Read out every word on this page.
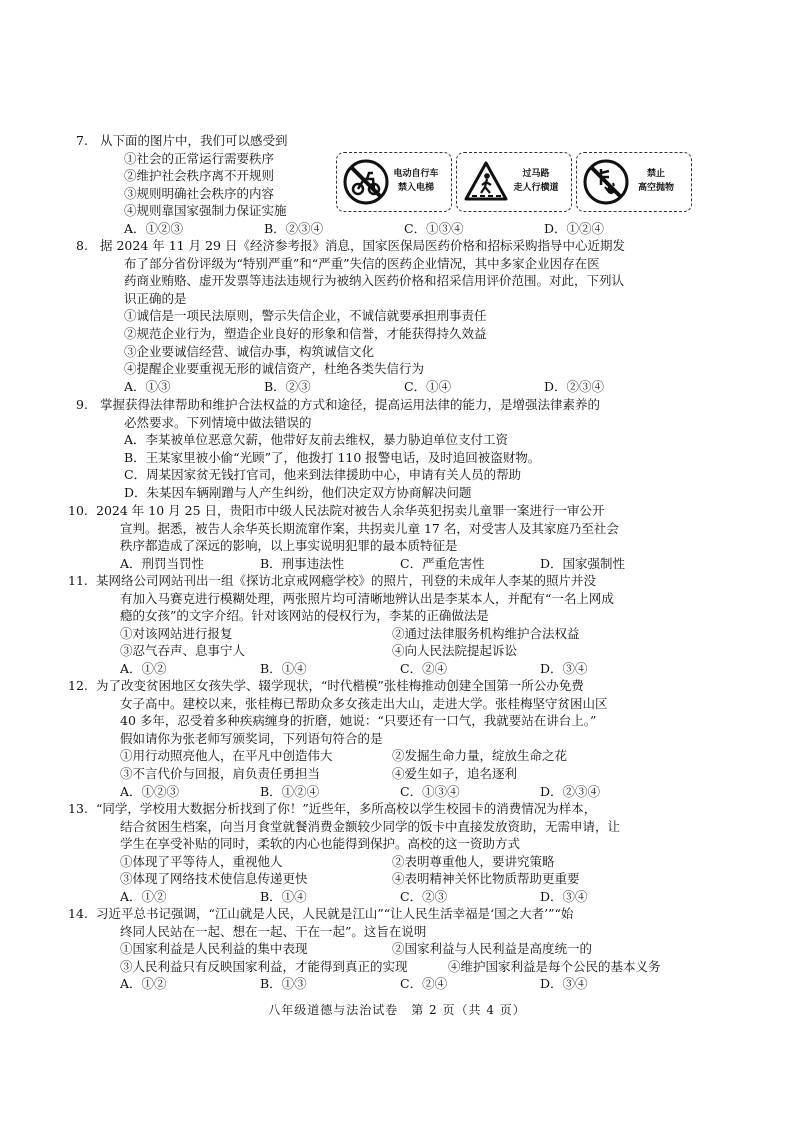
7. 从下面的图片中，我们可以感受到
①社会的正常运行需要秩序
②维护社会秩序离不开规则
③规则明确社会秩序的内容
④规则靠国家强制力保证实施
A．①②③	B．②③④	C．①③④	D．①②④
电动自行车
禁入电梯
过马路
走人行横道
禁止
高空抛物
8. 据 2024 年 11 月 29 日《经济参考报》消息，国家医保局医药价格和招标采购指导中心近期发
布了部分省份评级为“特别严重”和“严重”失信的医药企业情况，其中多家企业因存在医
药商业贿赂、虚开发票等违法违规行为被纳入医药价格和招采信用评价范围。对此，下列认
识正确的是
①诚信是一项民法原则，警示失信企业，不诚信就要承担刑事责任
②规范企业行为，塑造企业良好的形象和信誉，才能获得持久效益
③企业要诚信经营、诚信办事，构筑诚信文化
④提醒企业要重视无形的诚信资产，杜绝各类失信行为
A．①③	B．②③	C．①④	D．②③④
9. 掌握获得法律帮助和维护合法权益的方式和途径，提高运用法律的能力，是增强法律素养的
必然要求。下列情境中做法错误的
A．李某被单位恶意欠薪，他带好友前去维权，暴力胁迫单位支付工资
B．王某家里被小偷“光顾”了，他拨打 110 报警电话，及时追回被盗财物。
C．周某因家贫无钱打官司，他来到法律援助中心，申请有关人员的帮助
D．朱某因车辆剐蹭与人产生纠纷，他们决定双方协商解决问题
10. 2024 年 10 月 25 日，贵阳市中级人民法院对被告人余华英犯拐卖儿童罪一案进行一审公开
宣判。据悉，被告人余华英长期流窜作案，共拐卖儿童 17 名，对受害人及其家庭乃至社会
秩序都造成了深远的影响，以上事实说明犯罪的最本质特征是
A．刑罚当罚性	B．刑事违法性	C．严重危害性	D．国家强制性
11. 某网络公司网站刊出一组《探访北京戒网瘾学校》的照片，刊登的未成年人李某的照片并没
有加入马赛克进行模糊处理，两张照片均可清晰地辨认出是李某本人，并配有“一名上网成
瘾的女孩”的文字介绍。针对该网站的侵权行为，李某的正确做法是
①对该网站进行报复	②通过法律服务机构维护合法权益
③忍气吞声、息事宁人	④向人民法院提起诉讼
A．①②	B．①④	C．②④	D．③④
12. 为了改变贫困地区女孩失学、辍学现状，“时代楷模”张桂梅推动创建全国第一所公办免费
女子高中。建校以来，张桂梅已帮助众多女孩走出大山，走进大学。张桂梅坚守贫困山区
40 多年，忍受着多种疾病缠身的折磨，她说：“只要还有一口气，我就要站在讲台上。”
假如请你为张老师写颁奖词，下列语句符合的是
①用行动照亮他人，在平凡中创造伟大	②发掘生命力量，绽放生命之花
③不言代价与回报，肩负责任勇担当	④爱生如子，追名逐利
A．①②③	B．①②④	C．①③④	D．②③④
13. “同学，学校用大数据分析找到了你！”近些年，多所高校以学生校园卡的消费情况为样本，
结合贫困生档案，向当月食堂就餐消费金额较少同学的饭卡中直接发放资助，无需申请，让
学生在享受补贴的同时，柔软的内心也能得到保护。高校的这一资助方式
①体现了平等待人，重视他人	②表明尊重他人，要讲究策略
③体现了网络技术使信息传递更快	④表明精神关怀比物质帮助更重要
A．①②	B．①④	C．②③	D．③④
14. 习近平总书记强调，“江山就是人民，人民就是江山”“让人民生活幸福是‘国之大者’”“始
终同人民站在一起、想在一起、干在一起”。这旨在说明
①国家利益是人民利益的集中表现	②国家利益与人民利益是高度统一的
③人民利益只有反映国家利益，才能得到真正的实现	④维护国家利益是每个公民的基本义务
A．①②	B．①③	C．②④	D．③④
八年级道德与法治试卷　第 2 页（共 4 页）
